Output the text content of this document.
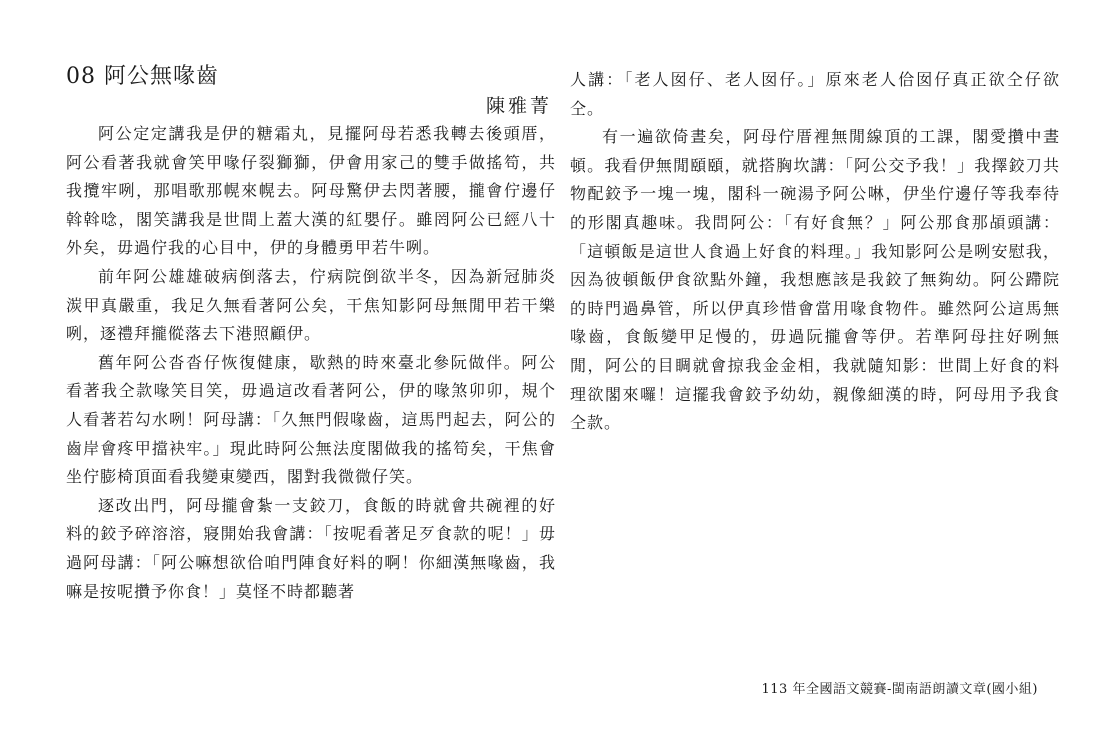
08 阿公無喙齒

陳雅菁

阿公定定講我是伊的糖霜丸，見擺阿母若悉我轉去後頭厝，阿公看著我就會笑甲喙仔裂獅獅，伊會用家己的雙手做搖笱，共我攬牢咧，那唱歌那幌來幌去。阿母驚伊去閃著腰，攏會佇邊仔斡斡唸，閣笑講我是世間上蓋大漢的紅嬰仔。雖罔阿公已經八十外矣，毋過佇我的心目中，伊的身體勇甲若牛咧。

前年阿公雄雄破病倒落去，佇病院倒欲半冬，因為新冠肺炎湠甲真嚴重，我足久無看著阿公矣，干焦知影阿母無閒甲若干樂咧，逐禮拜攏傱落去下港照顧伊。

舊年阿公沓沓仔恢復健康，歇熱的時來臺北參阮做伴。阿公看著我仝款喙笑目笑，毋過這改看著阿公，伊的喙煞卯卯，規个人看著若勾水咧！阿母講：「久無門假喙齒，這馬門起去，阿公的齒岸會疼甲擋袂牢。」現此時阿公無法度閣做我的搖笱矣，干焦會坐佇膨椅頂面看我變東變西，閣對我微微仔笑。

逐改出門，阿母攏會紮一支鉸刀，食飯的時就會共碗裡的好料的鉸予碎溶溶，寢開始我會講：「按呢看著足歹食款的呢！」毋過阿母講：「阿公嘛想欲佮咱門陣食好料的啊！你細漢無喙齒，我嘛是按呢攢予你食！」莫怪不時都聽著

人講：「老人囡仔、老人囡仔。」原來老人佮囡仔真正欲仝仔欲仝。

有一遍欲倚晝矣，阿母佇厝裡無閒線頂的工課，閣愛攢中晝頓。我看伊無閒頤頤，就搭胸坎講：「阿公交予我！」我擇鉸刀共物配鉸予一塊一塊，閣科一碗湯予阿公啉，伊坐佇邊仔等我奉待的形閣真趣味。我問阿公：「有好食無？」阿公那食那頕頭講：「這頓飯是這世人食過上好食的料理。」我知影阿公是咧安慰我，因為彼頓飯伊食欲點外鐘，我想應該是我鉸了無夠幼。阿公蹛院的時門過鼻管，所以伊真珍惜會當用喙食物件。雖然阿公這馬無喙齒，食飯變甲足慢的，毋過阮攏會等伊。若準阿母拄好咧無閒，阿公的目睭就會掠我金金相，我就隨知影：世間上好食的料理欲閣來囉！這擺我會鉸予幼幼，親像細漢的時，阿母用予我食仝款。

113 年全國語文競賽-閩南語朗讀文章(國小組)
